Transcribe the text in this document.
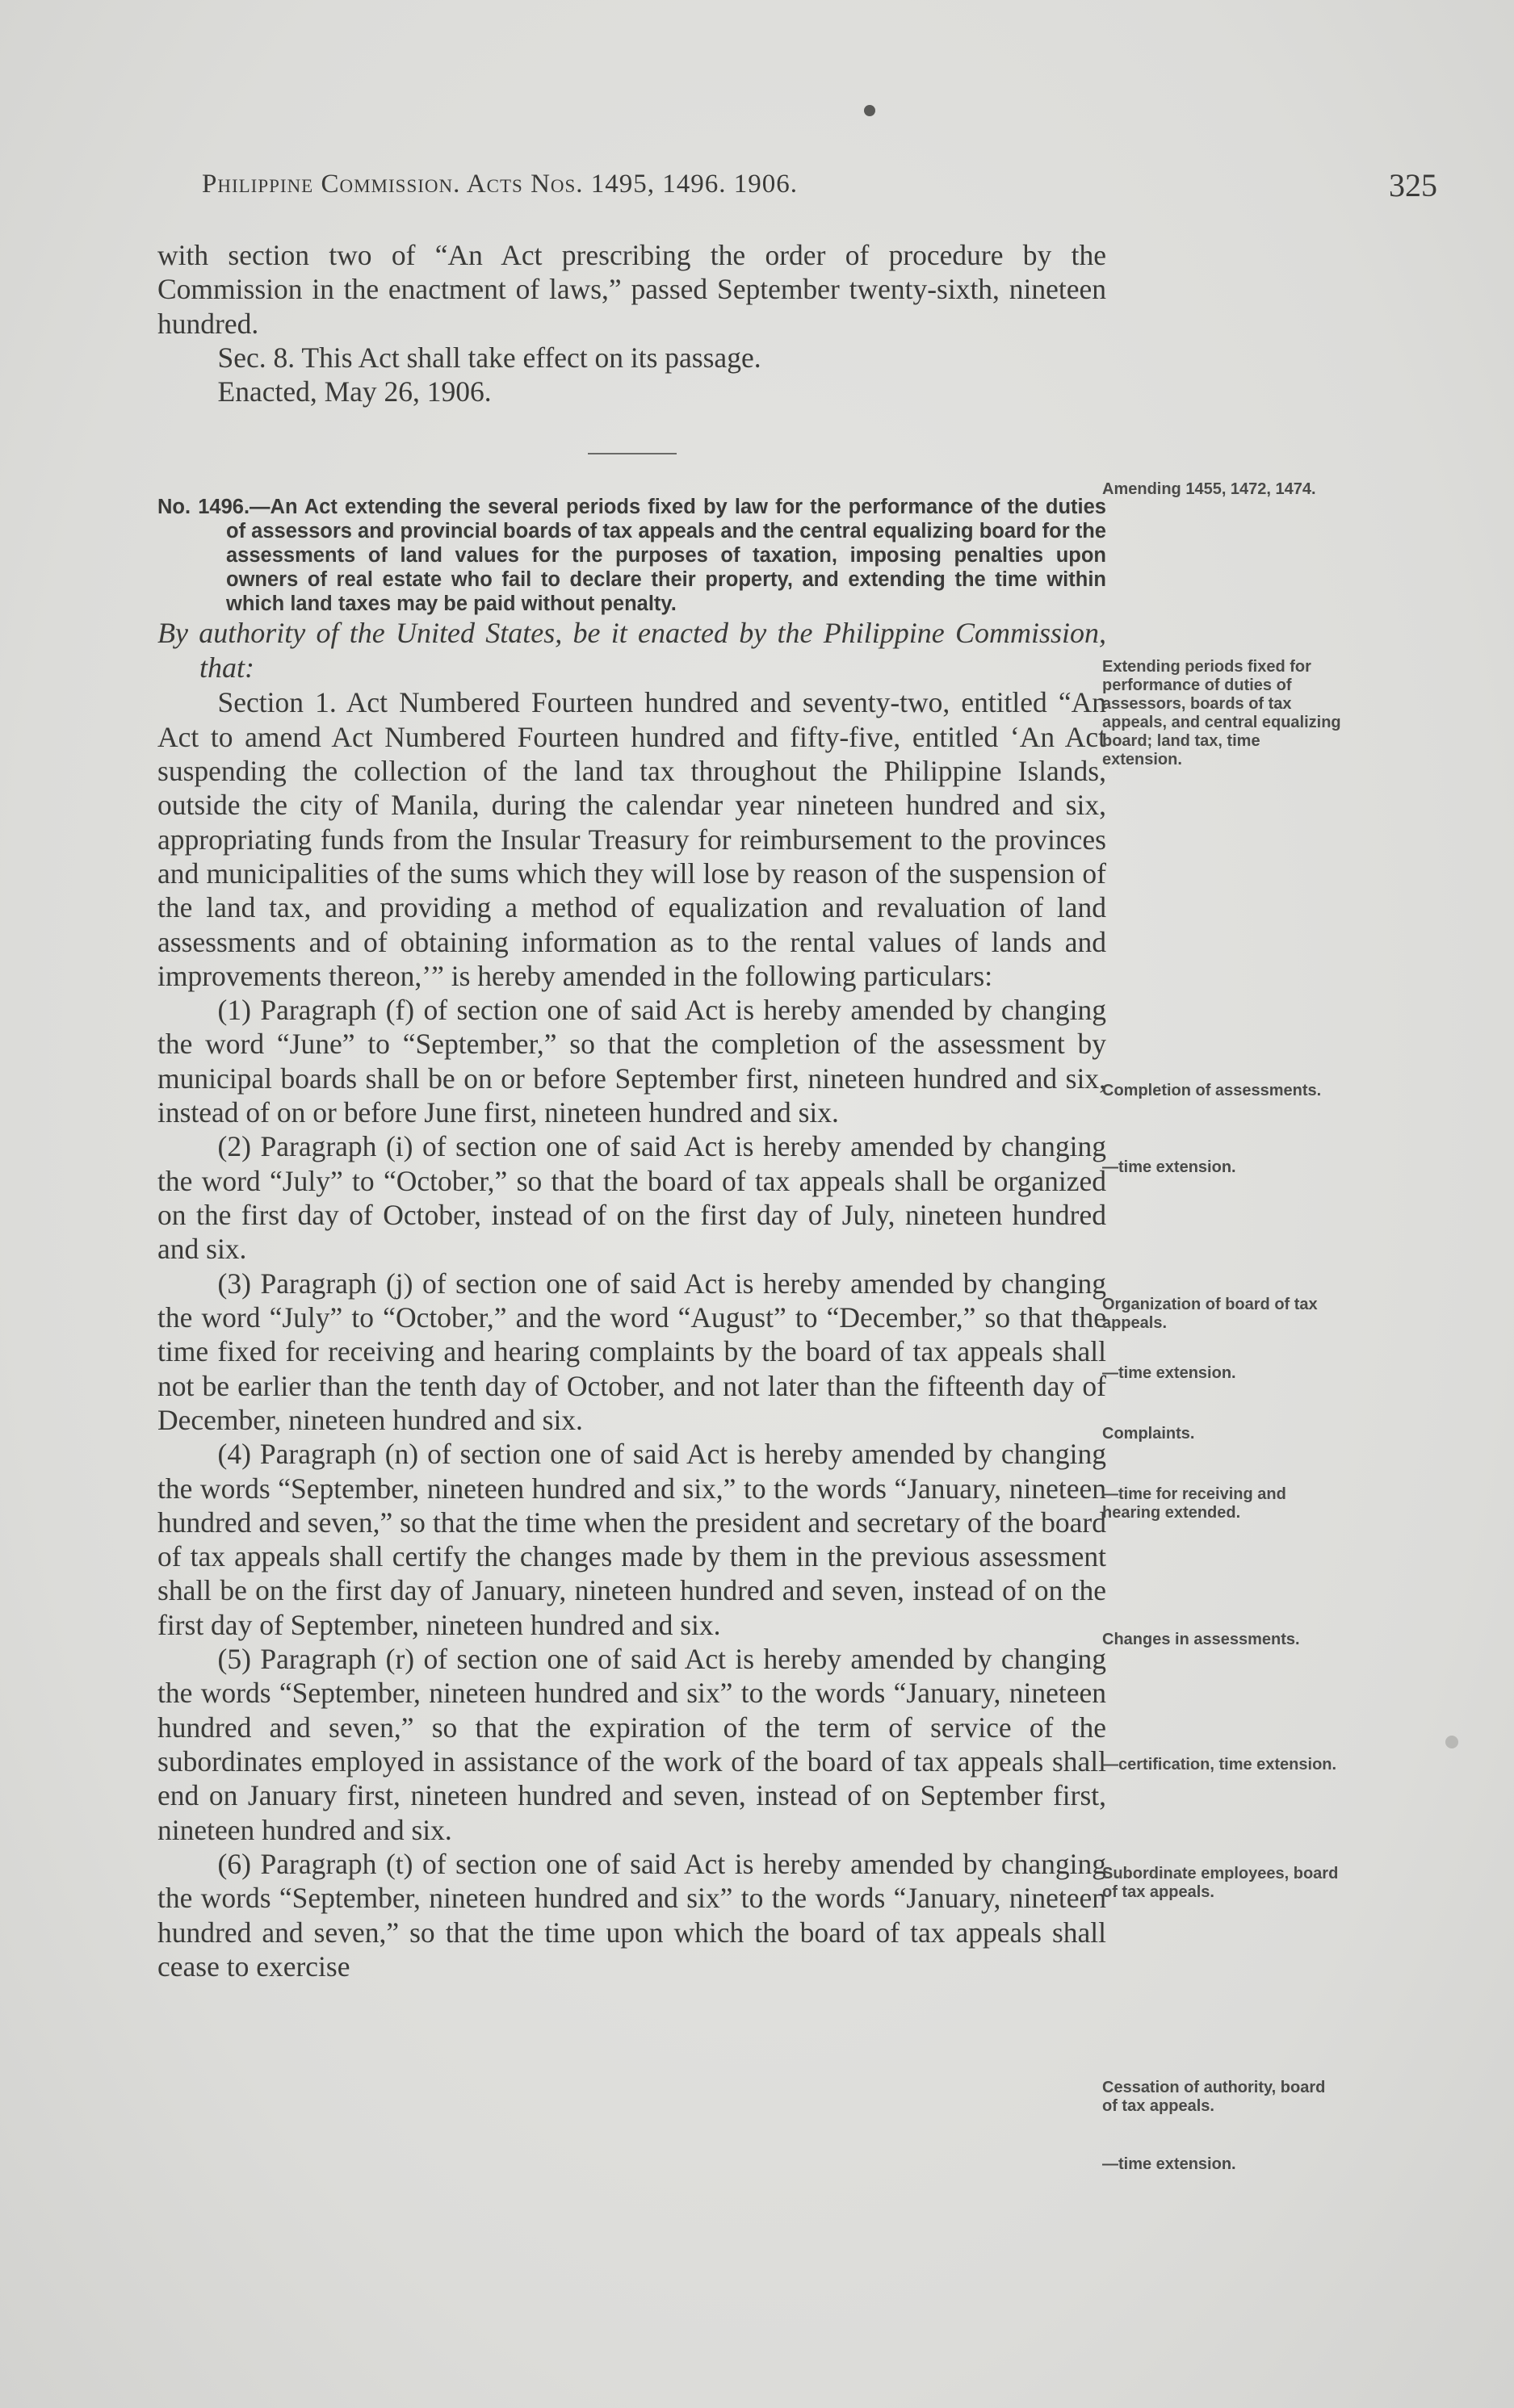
Philippine Commission. Acts Nos. 1495, 1496. 1906.	325

with section two of “An Act prescribing the order of procedure by the Commission in the enactment of laws,” passed September twenty-sixth, nineteen hundred.

Sec. 8. This Act shall take effect on its passage.

Enacted, May 26, 1906.

No. 1496.—An Act extending the several periods fixed by law for the performance of the duties of assessors and provincial boards of tax appeals and the central equalizing board for the assessments of land values for the purposes of taxation, imposing penalties upon owners of real estate who fail to declare their property, and extending the time within which land taxes may be paid without penalty.

By authority of the United States, be it enacted by the Philippine Commission, that:

Section 1. Act Numbered Fourteen hundred and seventy-two, entitled “An Act to amend Act Numbered Fourteen hundred and fifty-five, entitled ‘An Act suspending the collection of the land tax throughout the Philippine Islands, outside the city of Manila, during the calendar year nineteen hundred and six, appropriating funds from the Insular Treasury for reimbursement to the provinces and municipalities of the sums which they will lose by reason of the suspension of the land tax, and providing a method of equalization and revaluation of land assessments and of obtaining information as to the rental values of lands and improvements thereon,’” is hereby amended in the following particulars:

(1) Paragraph (f) of section one of said Act is hereby amended by changing the word “June” to “September,” so that the completion of the assessment by municipal boards shall be on or before September first, nineteen hundred and six, instead of on or before June first, nineteen hundred and six.

(2) Paragraph (i) of section one of said Act is hereby amended by changing the word “July” to “October,” so that the board of tax appeals shall be organized on the first day of October, instead of on the first day of July, nineteen hundred and six.

(3) Paragraph (j) of section one of said Act is hereby amended by changing the word “July” to “October,” and the word “August” to “December,” so that the time fixed for receiving and hearing complaints by the board of tax appeals shall not be earlier than the tenth day of October, and not later than the fifteenth day of December, nineteen hundred and six.

(4) Paragraph (n) of section one of said Act is hereby amended by changing the words “September, nineteen hundred and six,” to the words “January, nineteen hundred and seven,” so that the time when the president and secretary of the board of tax appeals shall certify the changes made by them in the previous assessment shall be on the first day of January, nineteen hundred and seven, instead of on the first day of September, nineteen hundred and six.

(5) Paragraph (r) of section one of said Act is hereby amended by changing the words “September, nineteen hundred and six” to the words “January, nineteen hundred and seven,” so that the expiration of the term of service of the subordinates employed in assistance of the work of the board of tax appeals shall end on January first, nineteen hundred and seven, instead of on September first, nineteen hundred and six.

(6) Paragraph (t) of section one of said Act is hereby amended by changing the words “September, nineteen hundred and six” to the words “January, nineteen hundred and seven,” so that the time upon which the board of tax appeals shall cease to exercise

Amending 1455, 1472, 1474.
Extending periods fixed for performance of duties of assessors, boards of tax appeals, and central equalizing board; land tax, time extension.
Completion of assessments.
—time extension.
Organization of board of tax appeals.
—time extension.
Complaints.
—time for receiving and hearing extended.
Changes in assessments.
—certification, time extension.
Subordinate employees, board of tax appeals.
Cessation of authority, board of tax appeals.
—time extension.
